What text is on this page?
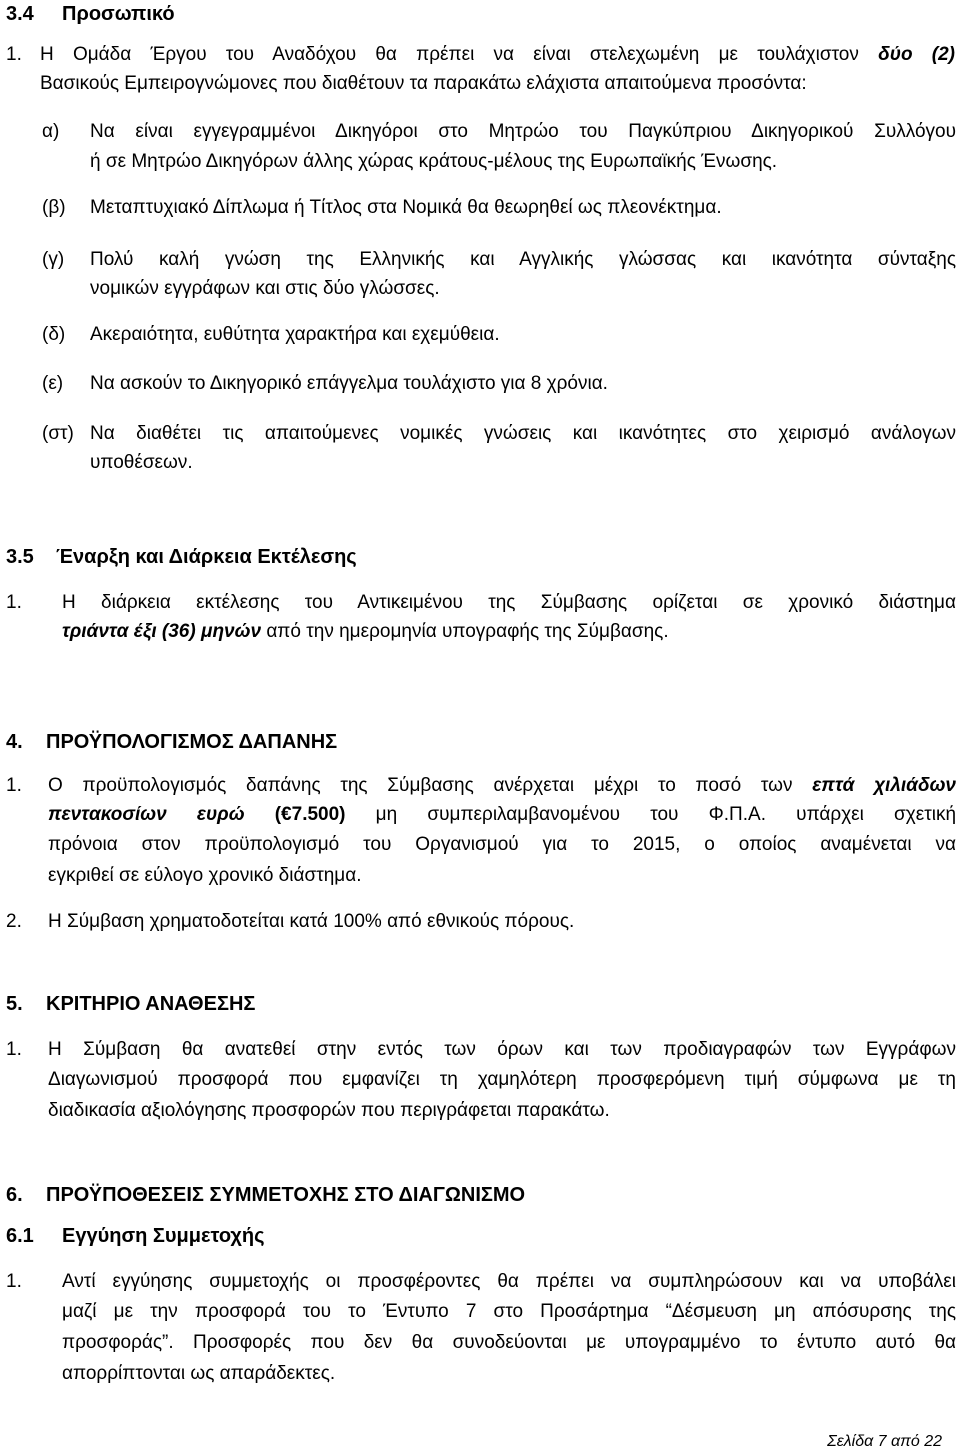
3.4 Προσωπικό
1. Η Ομάδα Έργου του Αναδόχου θα πρέπει να είναι στελεχωμένη με τουλάχιστον δύο (2)
Βασικούς Εμπειρογνώμονες που διαθέτουν τα παρακάτω ελάχιστα απαιτούμενα προσόντα:
α) Να είναι εγγεγραμμένοι Δικηγόροι στο Μητρώο του Παγκύπριου Δικηγορικού Συλλόγου
ή σε Μητρώο Δικηγόρων άλλης χώρας κράτους-μέλους της Ευρωπαϊκής Ένωσης.
(β) Μεταπτυχιακό Δίπλωμα ή Τίτλος στα Νομικά θα θεωρηθεί ως πλεονέκτημα.
(γ) Πολύ καλή γνώση της Ελληνικής και Αγγλικής γλώσσας και ικανότητα σύνταξης
νομικών εγγράφων και στις δύο γλώσσες.
(δ) Ακεραιότητα, ευθύτητα χαρακτήρα και εχεμύθεια.
(ε) Να ασκούν το Δικηγορικό επάγγελμα τουλάχιστο για 8 χρόνια.
(στ) Να διαθέτει τις απαιτούμενες νομικές γνώσεις και ικανότητες στο χειρισμό ανάλογων
υποθέσεων.
3.5 Έναρξη και Διάρκεια Εκτέλεσης
1. Η διάρκεια εκτέλεσης του Αντικειμένου της Σύμβασης ορίζεται σε χρονικό διάστημα
τριάντα έξι (36) μηνών από την ημερομηνία υπογραφής της Σύμβασης.
4. ΠΡΟΫΠΟΛΟΓΙΣΜΟΣ ΔΑΠΑΝΗΣ
1. Ο προϋπολογισμός δαπάνης της Σύμβασης ανέρχεται μέχρι το ποσό των επτά χιλιάδων
πεντακοσίων ευρώ (€7.500) μη συμπεριλαμβανομένου του Φ.Π.Α. υπάρχει σχετική
πρόνοια στον προϋπολογισμό του Οργανισμού για το 2015, ο οποίος αναμένεται να
εγκριθεί σε εύλογο χρονικό διάστημα.
2. Η Σύμβαση χρηματοδοτείται κατά 100% από εθνικούς πόρους.
5. ΚΡΙΤΗΡΙΟ ΑΝΑΘΕΣΗΣ
1. Η Σύμβαση θα ανατεθεί στην εντός των όρων και των προδιαγραφών των Εγγράφων
Διαγωνισμού προσφορά που εμφανίζει τη χαμηλότερη προσφερόμενη τιμή σύμφωνα με τη
διαδικασία αξιολόγησης προσφορών που περιγράφεται παρακάτω.
6. ΠΡΟΫΠΟΘΕΣΕΙΣ ΣΥΜΜΕΤΟΧΗΣ ΣΤΟ ΔΙΑΓΩΝΙΣΜΟ
6.1 Εγγύηση Συμμετοχής
1. Αντί εγγύησης συμμετοχής οι προσφέροντες θα πρέπει να συμπληρώσουν και να υποβάλει
μαζί με την προσφορά του το Έντυπο 7 στο Προσάρτημα “Δέσμευση μη απόσυρσης της
προσφοράς”. Προσφορές που δεν θα συνοδεύονται με υπογραμμένο το έντυπο αυτό θα
απορρίπτονται ως απαράδεκτες.
Σελίδα 7 από 22
